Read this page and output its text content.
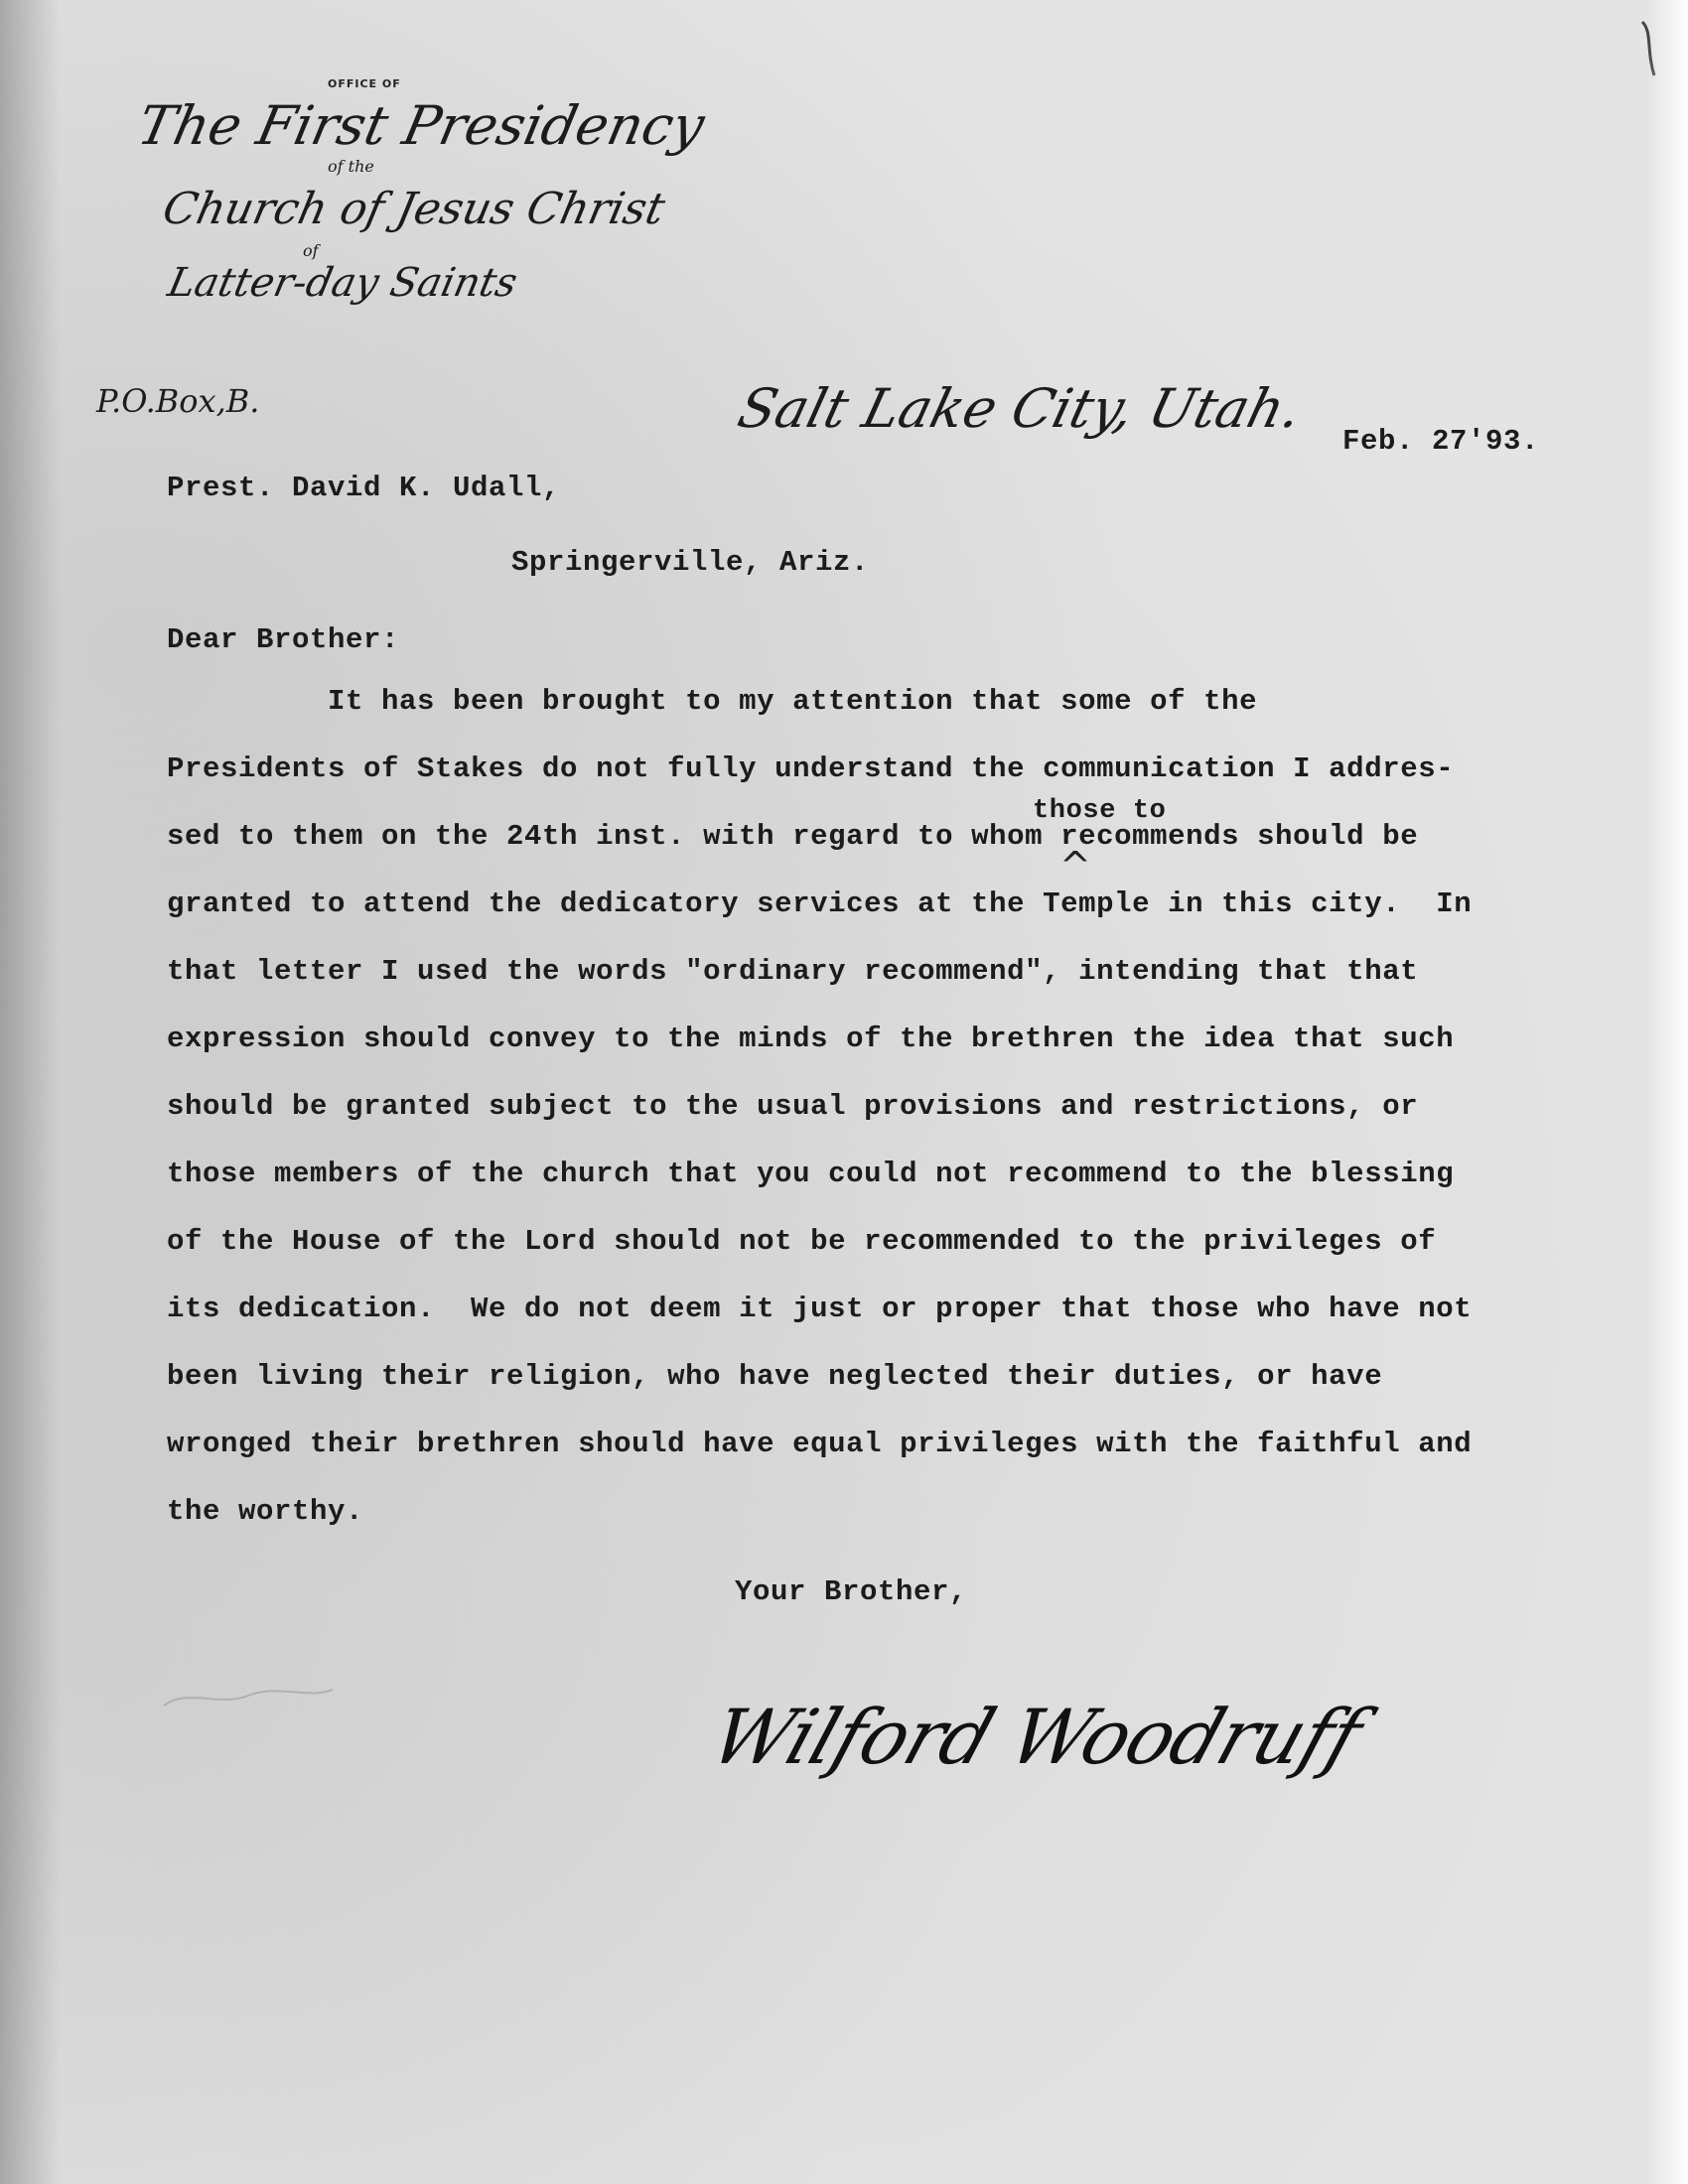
OFFICE OF
The First Presidency
of the
Church of Jesus Christ
of
Latter-day Saints
P.O.Box,B.	Salt Lake City, Utah.
Feb. 27'93.
Prest. David K. Udall,
Springerville, Ariz.
Dear Brother:
It has been brought to my attention that some of the
Presidents of Stakes do not fully understand the communication I addres-
sed to them on the 24th inst. with regard to whom recommends should be
granted to attend the dedicatory services at the Temple in this city.  In
that letter I used the words "ordinary recommend", intending that that
expression should convey to the minds of the brethren the idea that such
should be granted subject to the usual provisions and restrictions, or
those members of the church that you could not recommend to the blessing
of the House of the Lord should not be recommended to the privileges of
its dedication.  We do not deem it just or proper that those who have not
been living their religion, who have neglected their duties, or have
wronged their brethren should have equal privileges with the faithful and
the worthy.
those to
^
Your Brother,
Wilford Woodruff
